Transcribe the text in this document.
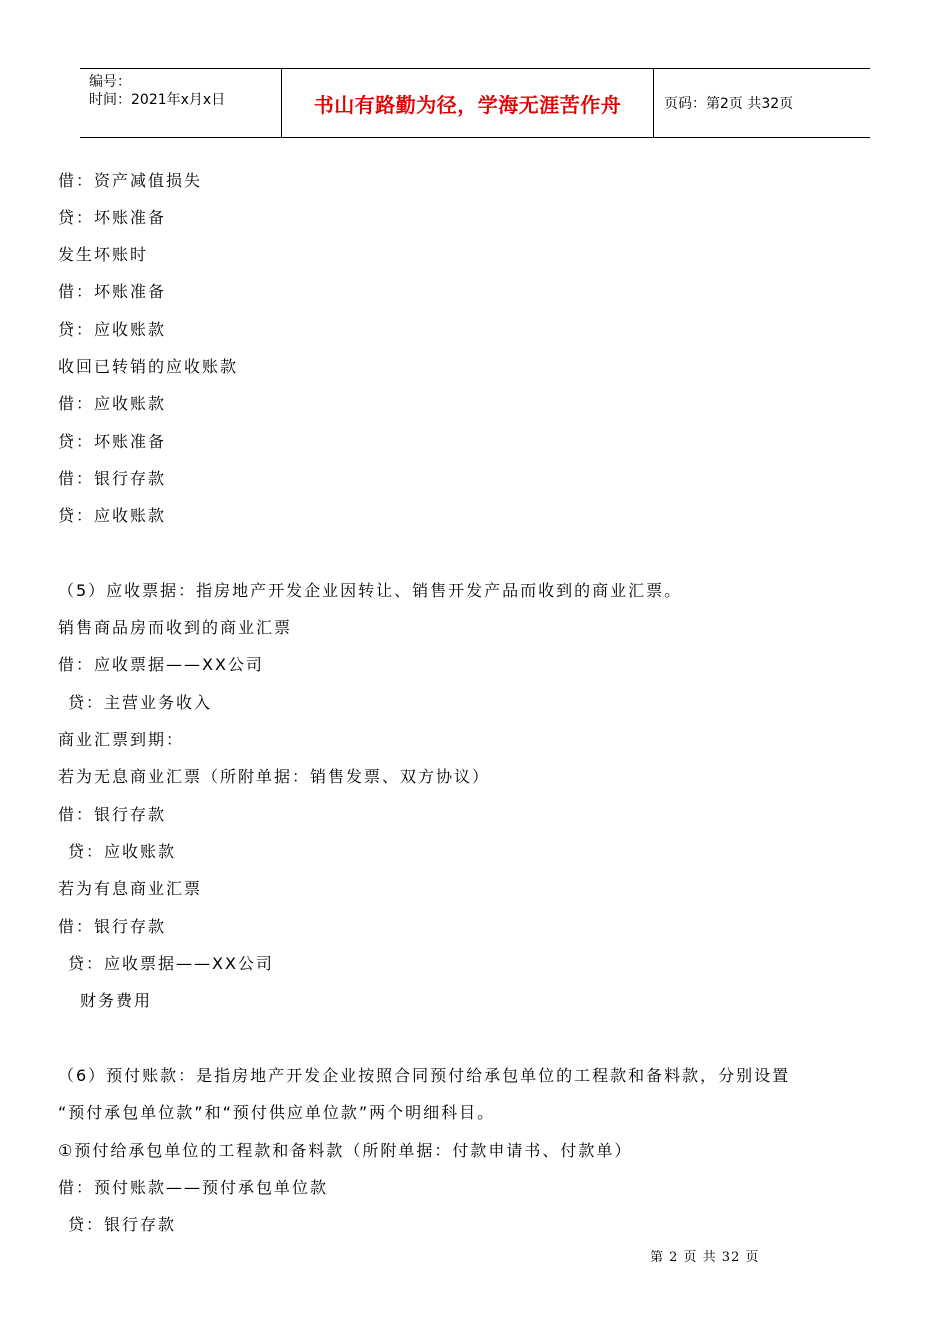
编号：
时间：2021年x月x日	书山有路勤为径，学海无涯苦作舟	页码：第2页 共32页
借：资产减值损失
贷：坏账准备
发生坏账时
借：坏账准备
贷：应收账款
收回已转销的应收账款
借：应收账款
贷：坏账准备
借：银行存款
贷：应收账款
（5）应收票据：指房地产开发企业因转让、销售开发产品而收到的商业汇票。
销售商品房而收到的商业汇票
借：应收票据——XX公司
贷：主营业务收入
商业汇票到期：
若为无息商业汇票（所附单据：销售发票、双方协议）
借：银行存款
贷：应收账款
若为有息商业汇票
借：银行存款
贷：应收票据——XX公司
财务费用
（6）预付账款：是指房地产开发企业按照合同预付给承包单位的工程款和备料款，分别设置
“预付承包单位款”和“预付供应单位款”两个明细科目。
①预付给承包单位的工程款和备料款（所附单据：付款申请书、付款单）
借：预付账款——预付承包单位款
贷：银行存款
第 2 页 共 32 页
